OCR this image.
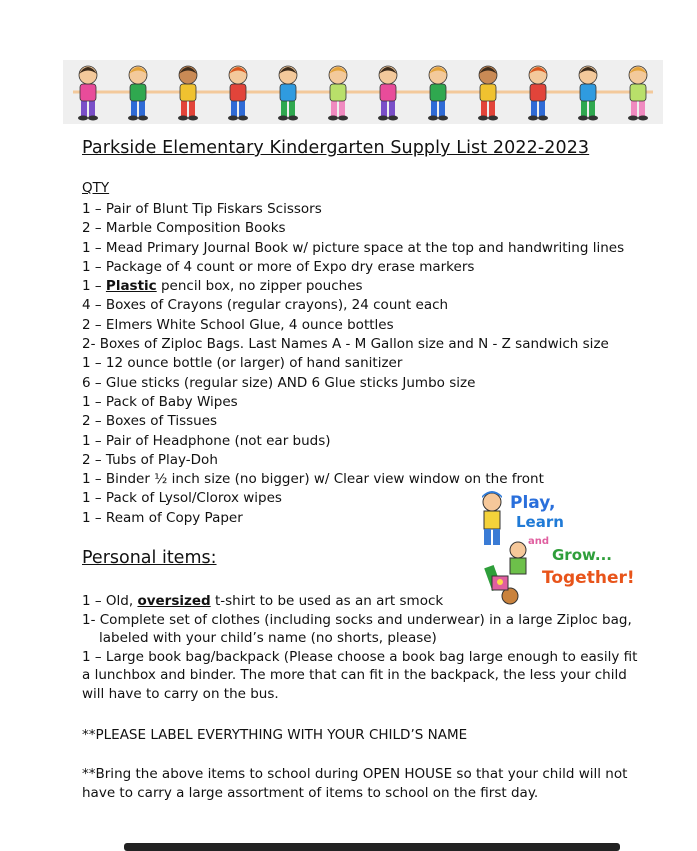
Parkside Elementary Kindergarten Supply List 2022-2023
QTY
1 – Pair of Blunt Tip Fiskars Scissors
2 – Marble Composition Books
1 – Mead Primary Journal Book w/ picture space at the top and handwriting lines
1 – Package of 4 count or more of Expo dry erase markers
1 – Plastic pencil box, no zipper pouches
4 – Boxes of Crayons (regular crayons), 24 count each
2 – Elmers White School Glue, 4 ounce bottles
2- Boxes of Ziploc Bags. Last Names A - M Gallon size and N - Z sandwich size
1 – 12 ounce bottle (or larger) of hand sanitizer
6 – Glue sticks (regular size) AND 6 Glue sticks Jumbo size
1 – Pack of Baby Wipes
2 – Boxes of Tissues
1 – Pair of Headphone (not ear buds)
2 – Tubs of Play-Doh
1 – Binder ½ inch size (no bigger) w/ Clear view window on the front
1 – Pack of Lysol/Clorox wipes
1 – Ream of Copy Paper
Play,
Learn
and
Grow...
Together!
Personal items:
1 – Old, oversized t-shirt to be used as an art smock
1- Complete set of clothes (including socks and underwear) in a large Ziploc bag,
labeled with your child’s name (no shorts, please)
1 – Large book bag/backpack (Please choose a book bag large enough to easily fit a lunchbox and binder. The more that can fit in the backpack, the less your child will have to carry on the bus.
**PLEASE LABEL EVERYTHING WITH YOUR CHILD’S NAME
**Bring the above items to school during OPEN HOUSE so that your child will not have to carry a large assortment of items to school on the first day.
